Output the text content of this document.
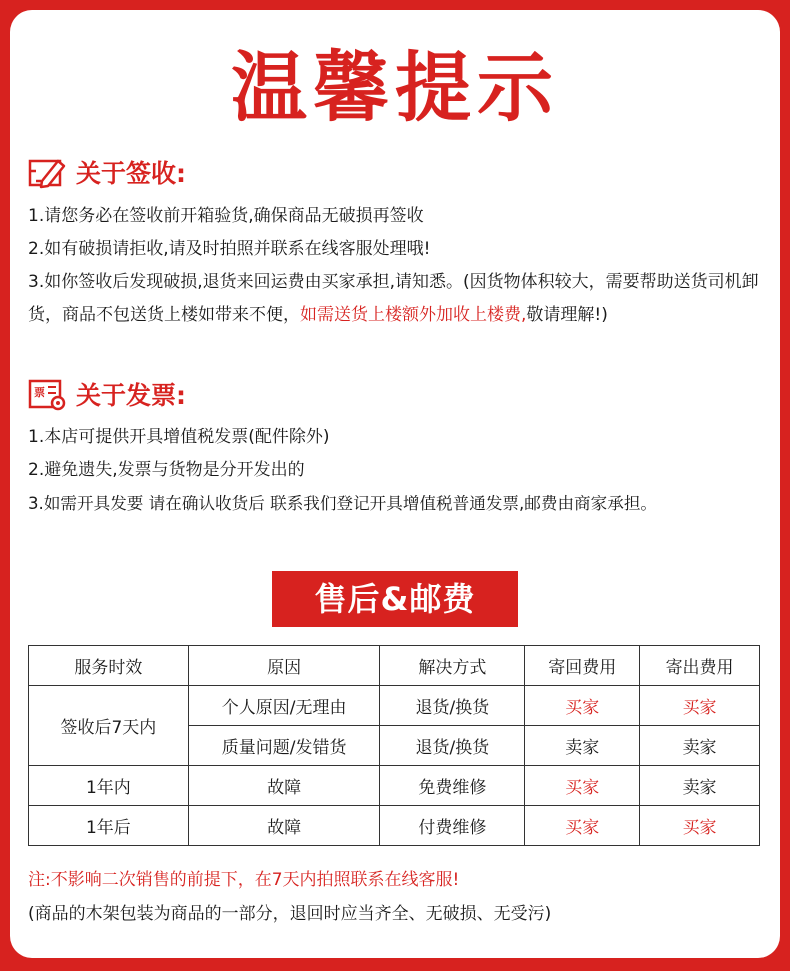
温馨提示
关于签收:
1.请您务必在签收前开箱验货,确保商品无破损再签收
2.如有破损请拒收,请及时拍照并联系在线客服处理哦!
3.如你签收后发现破损,退货来回运费由买家承担,请知悉。(因货物体积较大，需要帮助送货司机卸货，商品不包送货上楼如带来不便，如需送货上楼额外加收上楼费,敬请理解!)
票 关于发票:
1.本店可提供开具增值税发票(配件除外)
2.避免遗失,发票与货物是分开发出的
3.如需开具发要 请在确认收货后 联系我们登记开具增值税普通发票,邮费由商家承担。
售后&邮费
服务时效	原因	解决方式	寄回费用	寄出费用
签收后7天内	个人原因/无理由	退货/换货	买家	买家
	质量问题/发错货	退货/换货	卖家	卖家
1年内	故障	免费维修	买家	卖家
1年后	故障	付费维修	买家	买家
注:不影响二次销售的前提下，在7天内拍照联系在线客服!
(商品的木架包装为商品的一部分，退回时应当齐全、无破损、无受污)
